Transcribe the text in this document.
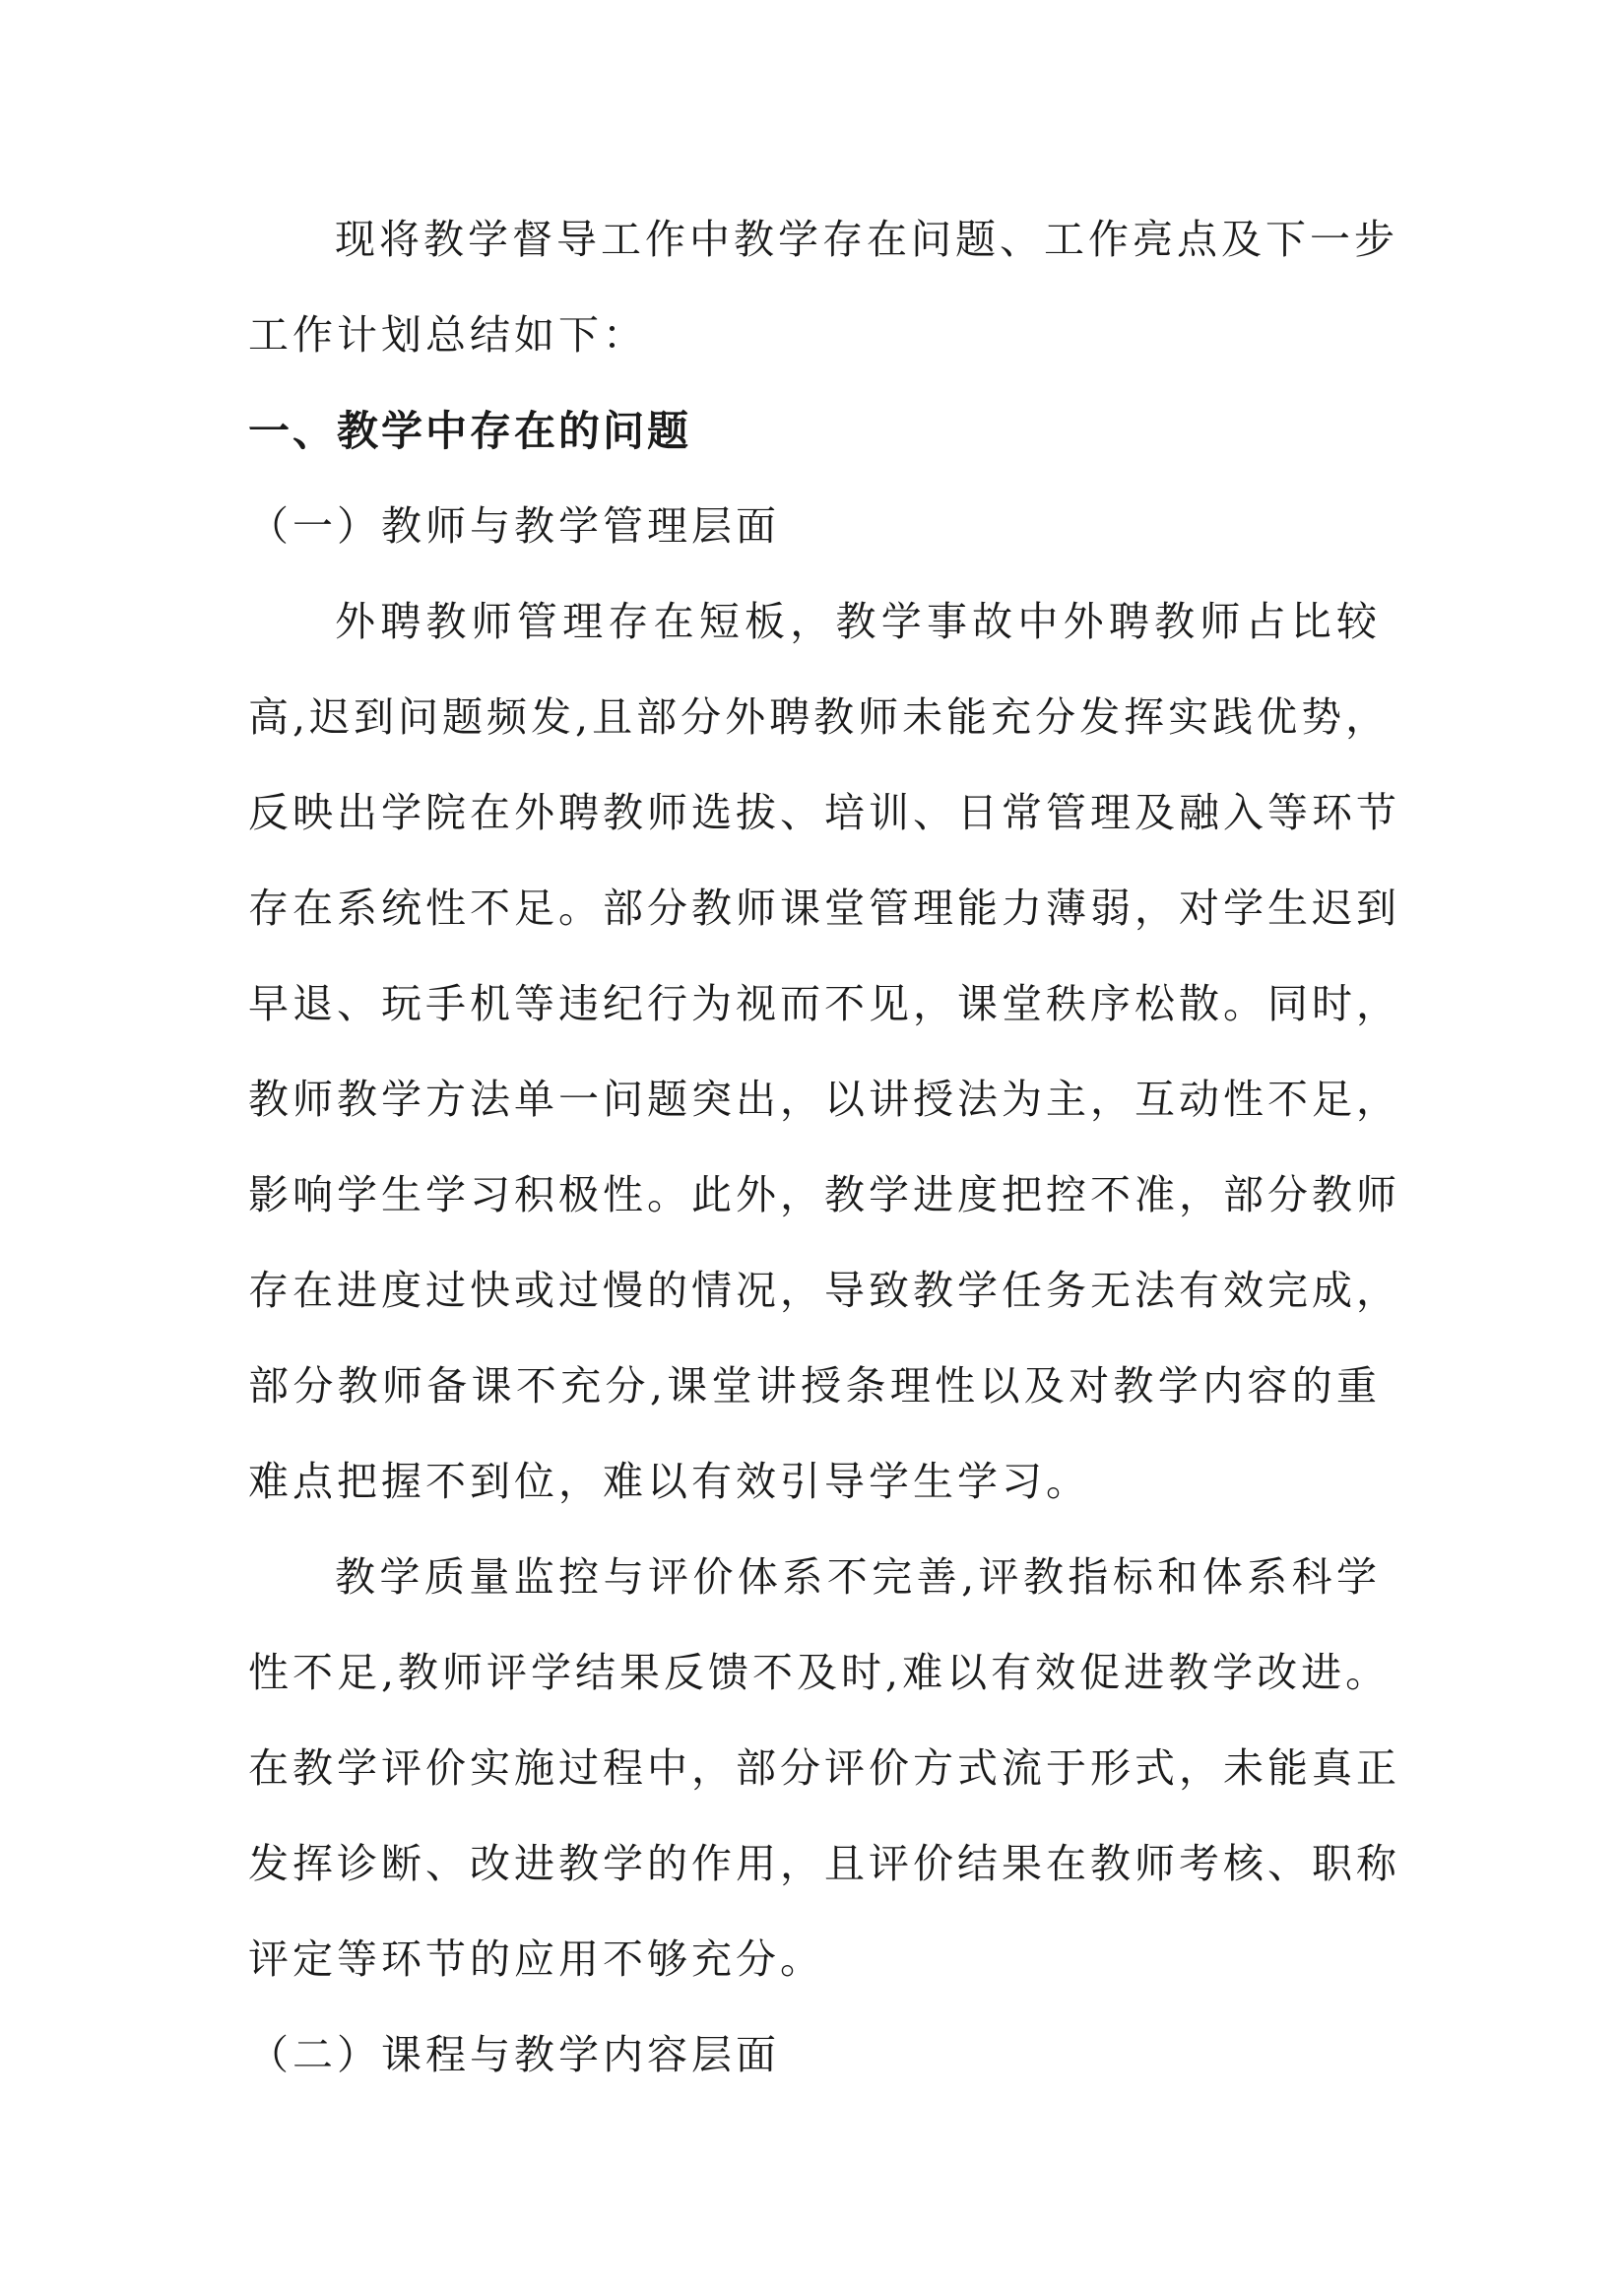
现将教学督导工作中教学存在问题、工作亮点及下一步
工作计划总结如下：
一、教学中存在的问题
（一）教师与教学管理层面
外聘教师管理存在短板，教学事故中外聘教师占比较
高,迟到问题频发,且部分外聘教师未能充分发挥实践优势，
反映出学院在外聘教师选拔、培训、日常管理及融入等环节
存在系统性不足。部分教师课堂管理能力薄弱，对学生迟到
早退、玩手机等违纪行为视而不见，课堂秩序松散。同时，
教师教学方法单一问题突出，以讲授法为主，互动性不足，
影响学生学习积极性。此外，教学进度把控不准，部分教师
存在进度过快或过慢的情况，导致教学任务无法有效完成，
部分教师备课不充分,课堂讲授条理性以及对教学内容的重
难点把握不到位，难以有效引导学生学习。
教学质量监控与评价体系不完善,评教指标和体系科学
性不足,教师评学结果反馈不及时,难以有效促进教学改进。
在教学评价实施过程中，部分评价方式流于形式，未能真正
发挥诊断、改进教学的作用，且评价结果在教师考核、职称
评定等环节的应用不够充分。
（二）课程与教学内容层面
